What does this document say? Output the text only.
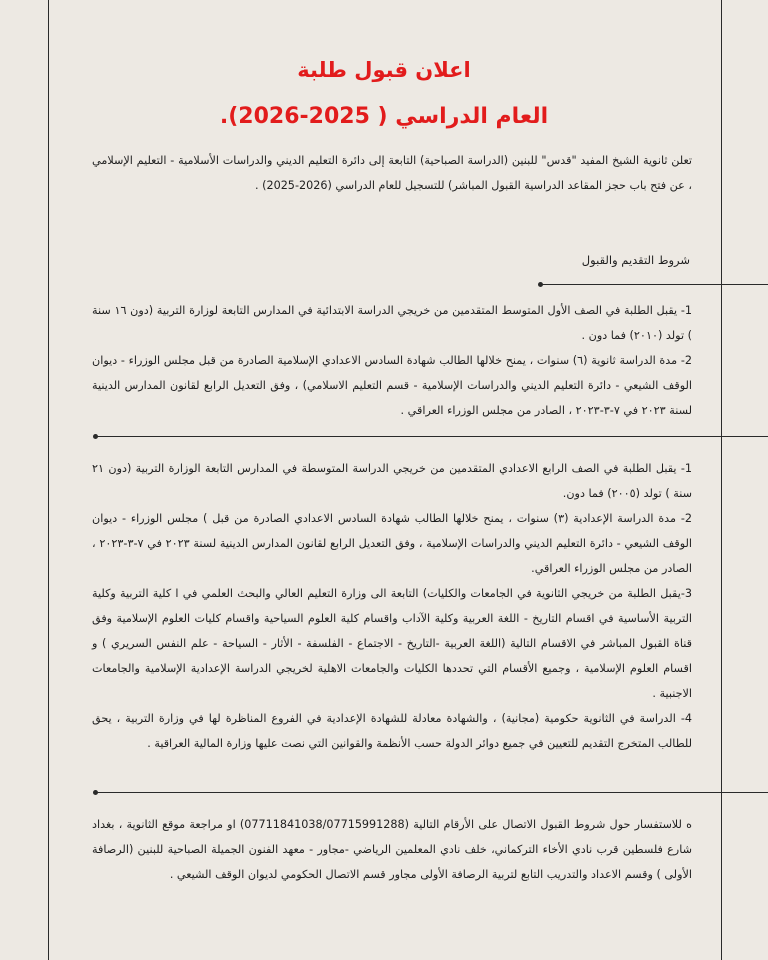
اعلان قبول طلبة
العام الدراسي ( 2025-2026).

تعلن ثانوية الشيخ المفيد "قدس" للبنين (الدراسة الصباحية) التابعة إلى دائرة التعليم الديني والدراسات الأسلامية - التعليم الإسلامي ، عن فتح باب حجز المقاعد الدراسية القبول المباشر) للتسجيل للعام الدراسي (2026-2025) .

شروط التقديم والقبول

1- يقبل الطلبة في الصف الأول المتوسط المتقدمين من خريجي الدراسة الابتدائية في المدارس التابعة لوزارة التربية (دون ١٦ سنة ) تولد (٢٠١٠) فما دون .

2- مدة الدراسة ثانوية (٦) سنوات ، يمنح خلالها الطالب شهادة السادس الاعدادي الإسلامية الصادرة من قبل مجلس الوزراء - ديوان الوقف الشيعي - دائرة التعليم الديني والدراسات الإسلامية - قسم التعليم الاسلامي) ، وفق التعديل الرابع لقانون المدارس الدينية لسنة ٢٠٢٣ في ٧-٣-٢٠٢٣ ، الصادر من مجلس الوزراء العراقي .

1- يقبل الطلبة في الصف الرابع الاعدادي المتقدمين من خريجي الدراسة المتوسطة في المدارس التابعة الوزارة التربية (دون ٢١ سنة ) تولد (٢٠٠٥) فما دون.

2- مدة الدراسة الإعدادية (٣) سنوات ، يمنح خلالها الطالب شهادة السادس الاعدادي الصادرة من قبل ) مجلس الوزراء - ديوان الوقف الشيعي - دائرة التعليم الديني والدراسات الإسلامية ، وفق التعديل الرابع لقانون المدارس الدينية لسنة ٢٠٢٣ في ٧-٣-٢٠٢٣ ، الصادر من مجلس الوزراء العراقي.

3-يقبل الطلبة من خريجي الثانوية في الجامعات والكليات) التابعة الى وزارة التعليم العالي والبحث العلمي في ا كلية التربية وكلية التربية الأساسية في اقسام التاريخ - اللغة العربية وكلية الآداب واقسام كلية العلوم السياحية واقسام كليات العلوم الإسلامية وفق قناة القبول المباشر في الاقسام التالية (اللغة العربية -التاريخ - الاجتماع - الفلسفة - الأثار - السياحة - علم النفس السريري ) و اقسام العلوم الإسلامية ، وجميع الأقسام التي تحددها الكليات والجامعات الاهلية لخريجي الدراسة الإعدادية الإسلامية والجامعات الاجنبية .

4- الدراسة في الثانوية حكومية (مجانية) ، والشهادة معادلة للشهادة الإعدادية في الفروع المناظرة لها في وزارة التربية ، يحق للطالب المتخرج التقديم للتعيين في جميع دوائر الدولة حسب الأنظمة والقوانين التي نصت عليها وزارة المالية العراقية .

ه للاستفسار حول شروط القبول الاتصال على الأرقام التالية (07711841038/07715991288) او مراجعة موقع الثانوية ، بغداد شارع فلسطين قرب نادي الأخاء التركماني، خلف نادي المعلمين الرياضي -مجاور - معهد الفنون الجميلة الصباحية للبنين (الرصافة الأولى ) وقسم الاعداد والتدريب التابع لتربية الرصافة الأولى مجاور قسم الاتصال الحكومي لديوان الوقف الشيعي .
